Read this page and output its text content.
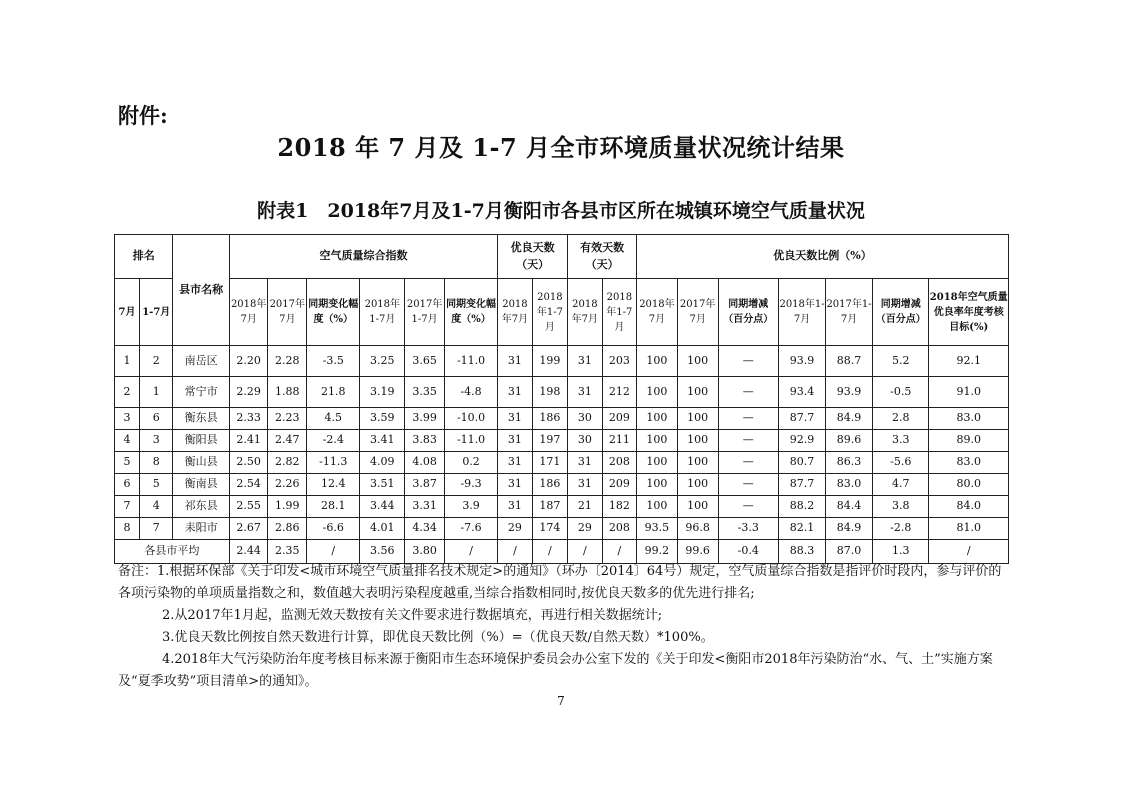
附件:
2018 年 7 月及 1-7 月全市环境质量状况统计结果
附表1　2018年7月及1-7月衡阳市各县市区所在城镇环境空气质量状况
排名		县市名称	空气质量综合指数						优良天数（天）		有效天数（天）		优良天数比例（%）						
7月	1-7月		2018年7月	2017年7月	同期变化幅度（%）	2018年1-7月	2017年1-7月	同期变化幅度（%）	2018年7月	2018年1-7月	2018年7月	2018年1-7月	2018年7月	2017年7月	同期增减（百分点）	2018年1-7月	2017年1-7月	同期增减（百分点）	2018年空气质量优良率年度考核目标(%)
1	2	南岳区	2.20	2.28	-3.5	3.25	3.65	-11.0	31	199	31	203	100	100	—	93.9	88.7	5.2	92.1
2	1	常宁市	2.29	1.88	21.8	3.19	3.35	-4.8	31	198	31	212	100	100	—	93.4	93.9	-0.5	91.0
3	6	衡东县	2.33	2.23	4.5	3.59	3.99	-10.0	31	186	30	209	100	100	—	87.7	84.9	2.8	83.0
4	3	衡阳县	2.41	2.47	-2.4	3.41	3.83	-11.0	31	197	30	211	100	100	—	92.9	89.6	3.3	89.0
5	8	衡山县	2.50	2.82	-11.3	4.09	4.08	0.2	31	171	31	208	100	100	—	80.7	86.3	-5.6	83.0
6	5	衡南县	2.54	2.26	12.4	3.51	3.87	-9.3	31	186	31	209	100	100	—	87.7	83.0	4.7	80.0
7	4	祁东县	2.55	1.99	28.1	3.44	3.31	3.9	31	187	21	182	100	100	—	88.2	84.4	3.8	84.0
8	7	耒阳市	2.67	2.86	-6.6	4.01	4.34	-7.6	29	174	29	208	93.5	96.8	-3.3	82.1	84.9	-2.8	81.0
各县市平均			2.44	2.35	/	3.56	3.80	/	/	/	/	/	99.2	99.6	-0.4	88.3	87.0	1.3	/

备注：1.根据环保部《关于印发<城市环境空气质量排名技术规定>的通知》（环办〔2014〕64号）规定，空气质量综合指数是指评价时段内，参与评价的各项污染物的单项质量指数之和，数值越大表明污染程度越重,当综合指数相同时,按优良天数多的优先进行排名;

2.从2017年1月起，监测无效天数按有关文件要求进行数据填充，再进行相关数据统计;

3.优良天数比例按自然天数进行计算，即优良天数比例（%）=（优良天数/自然天数）*100%。

4.2018年大气污染防治年度考核目标来源于衡阳市生态环境保护委员会办公室下发的《关于印发<衡阳市2018年污染防治“水、气、土”实施方案及“夏季攻势”项目清单>的通知》。

7
